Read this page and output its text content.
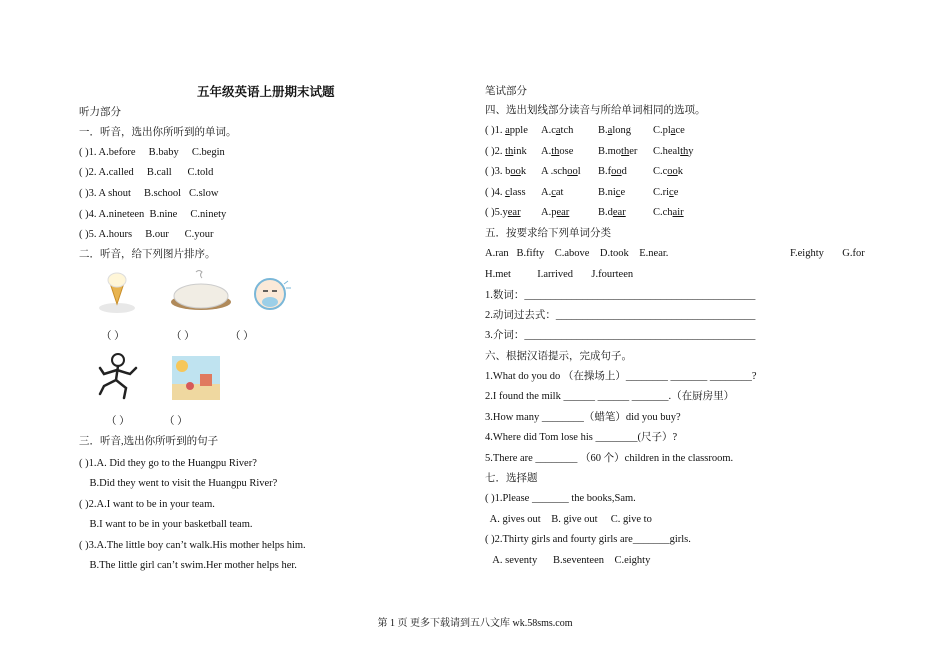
五年级英语上册期末试题
听力部分
一．听音，选出你所听到的单词。
( )1. A.before     B.baby     C.begin
( )2. A.called     B.call      C.told
( )3. A shout     B.school   C.slow
( )4. A.nineteen  B.nine     C.ninety
( )5. A.hours     B.our      C.your
二．听音，给下列图片排序。
（ ）	（ ）	（ ）
（ ）	（ ）
三．听音,选出你所听到的句子
( )1.A. Did they go to the Huangpu River?
B.Did they went to visit the Huangpu River?
( )2.A.I want to be in your team.
B.I want to be in your basketball team.
( )3.A.The little boy can’t walk.His mother helps him.
B.The little girl can’t swim.Her mother helps her.
笔试部分
四、选出划线部分读音与所给单词相同的选项。
( )1. apple A.catch B.along C.place
( )2. think A.those B.mother C.healthy
( )3. book A .school B.food C.cook
( )4. class A.cat	B.nice	C.rice
( )5.year A.pear	B.dear	C.chair
五．按要求给下列单词分类
A.ran   B.fifty    C.above    D.took    E.near.	F.eighty       G.for
H.met          I.arrived       J.fourteen
1.数词：____________________________________________
2.动词过去式：______________________________________
3.介词：____________________________________________
六、根据汉语提示，完成句子。
1.What do you do （在操场上）________ _______ ________?
2.I found the milk ______ ______ _______.（在厨房里）
3.How many ________（蜡笔）did you buy?
4.Where did Tom lose his ________(尺子）?
5.There are ________ （60 个）children in the classroom.
七．选择题
( )1.Please _______ the books,Sam.
A. gives out    B. give out     C. give to
( )2.Thirty girls and fourty girls are_______girls.
A. seventy      B.seventeen    C.eighty
第 1 页 更多下载请到五八文库 wk.58sms.com
